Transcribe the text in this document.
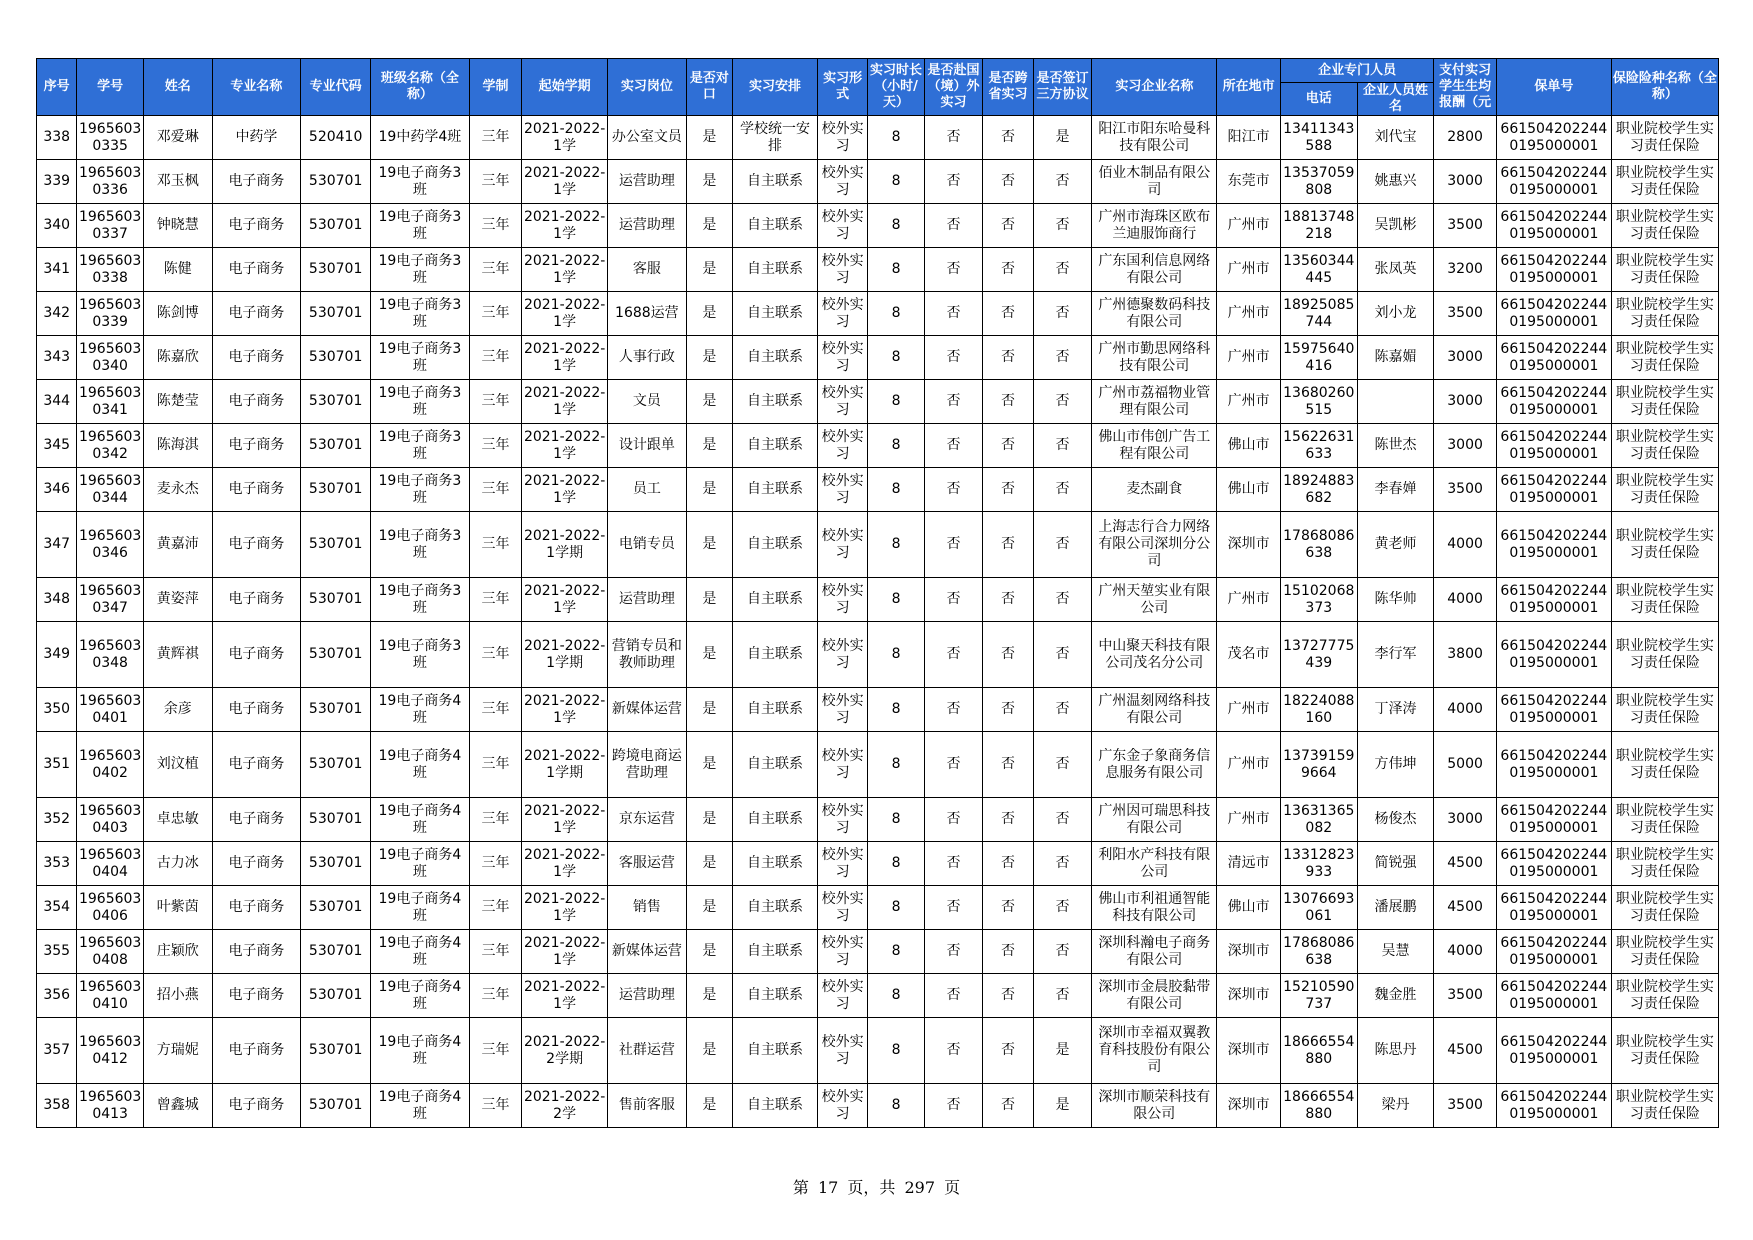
序号	学号	姓名	专业名称	专业代码	班级名称（全称）	学制	起始学期	实习岗位	是否对口	实习安排	实习形式	实习时长（小时/天）	是否赴国（境）外实习	是否跨省实习	是否签订三方协议	实习企业名称	所在地市	企业专门人员		支付实习学生生均报酬（元	保单号	保险险种名称（全称）
																		电话	企业人员姓名			

338	19656030335	邓爱琳	中药学	520410	19中药学4班	三年	2021-2022-1学	办公室文员	是	学校统一安排	校外实习	8	否	否	是	阳江市阳东哈曼科技有限公司	阳江市	13411343588	刘代宝	2800	6615042022440195000001	职业院校学生实习责任保险

339	19656030336	邓玉枫	电子商务	530701	19电子商务3班	三年	2021-2022-1学	运营助理	是	自主联系	校外实习	8	否	否	否	佰业木制品有限公司	东莞市	13537059808	姚惠兴	3000	6615042022440195000001	职业院校学生实习责任保险

340	19656030337	钟晓慧	电子商务	530701	19电子商务3班	三年	2021-2022-1学	运营助理	是	自主联系	校外实习	8	否	否	否	广州市海珠区欧布兰迪服饰商行	广州市	18813748218	吴凯彬	3500	6615042022440195000001	职业院校学生实习责任保险

341	19656030338	陈健	电子商务	530701	19电子商务3班	三年	2021-2022-1学	客服	是	自主联系	校外实习	8	否	否	否	广东国利信息网络有限公司	广州市	13560344445	张凤英	3200	6615042022440195000001	职业院校学生实习责任保险

342	19656030339	陈剑博	电子商务	530701	19电子商务3班	三年	2021-2022-1学	1688运营	是	自主联系	校外实习	8	否	否	否	广州德聚数码科技有限公司	广州市	18925085744	刘小龙	3500	6615042022440195000001	职业院校学生实习责任保险

343	19656030340	陈嘉欣	电子商务	530701	19电子商务3班	三年	2021-2022-1学	人事行政	是	自主联系	校外实习	8	否	否	否	广州市勤思网络科技有限公司	广州市	15975640416	陈嘉媚	3000	6615042022440195000001	职业院校学生实习责任保险

344	19656030341	陈楚莹	电子商务	530701	19电子商务3班	三年	2021-2022-1学	文员	是	自主联系	校外实习	8	否	否	否	广州市荔福物业管理有限公司	广州市	13680260515		3000	6615042022440195000001	职业院校学生实习责任保险

345	19656030342	陈海淇	电子商务	530701	19电子商务3班	三年	2021-2022-1学	设计跟单	是	自主联系	校外实习	8	否	否	否	佛山市伟创广告工程有限公司	佛山市	15622631633	陈世杰	3000	6615042022440195000001	职业院校学生实习责任保险

346	19656030344	麦永杰	电子商务	530701	19电子商务3班	三年	2021-2022-1学	员工	是	自主联系	校外实习	8	否	否	否	麦杰副食	佛山市	18924883682	李春婵	3500	6615042022440195000001	职业院校学生实习责任保险

347	19656030346	黄嘉沛	电子商务	530701	19电子商务3班	三年	2021-2022-1学期	电销专员	是	自主联系	校外实习	8	否	否	否	上海志行合力网络有限公司深圳分公司	深圳市	17868086638	黄老师	4000	6615042022440195000001	职业院校学生实习责任保险

348	19656030347	黄姿萍	电子商务	530701	19电子商务3班	三年	2021-2022-1学	运营助理	是	自主联系	校外实习	8	否	否	否	广州天堃实业有限公司	广州市	15102068373	陈华帅	4000	6615042022440195000001	职业院校学生实习责任保险

349	19656030348	黄辉祺	电子商务	530701	19电子商务3班	三年	2021-2022-1学期	营销专员和教师助理	是	自主联系	校外实习	8	否	否	否	中山聚天科技有限公司茂名分公司	茂名市	13727775439	李行军	3800	6615042022440195000001	职业院校学生实习责任保险

350	19656030401	余彦	电子商务	530701	19电子商务4班	三年	2021-2022-1学	新媒体运营	是	自主联系	校外实习	8	否	否	否	广州温刻网络科技有限公司	广州市	18224088160	丁泽涛	4000	6615042022440195000001	职业院校学生实习责任保险

351	19656030402	刘汶植	电子商务	530701	19电子商务4班	三年	2021-2022-1学期	跨境电商运营助理	是	自主联系	校外实习	8	否	否	否	广东金子象商务信息服务有限公司	广州市	137391599664	方伟坤	5000	6615042022440195000001	职业院校学生实习责任保险

352	19656030403	卓忠敏	电子商务	530701	19电子商务4班	三年	2021-2022-1学	京东运营	是	自主联系	校外实习	8	否	否	否	广州因可瑞思科技有限公司	广州市	13631365082	杨俊杰	3000	6615042022440195000001	职业院校学生实习责任保险

353	19656030404	古力冰	电子商务	530701	19电子商务4班	三年	2021-2022-1学	客服运营	是	自主联系	校外实习	8	否	否	否	利阳水产科技有限公司	清远市	13312823933	简锐强	4500	6615042022440195000001	职业院校学生实习责任保险

354	19656030406	叶紫茵	电子商务	530701	19电子商务4班	三年	2021-2022-1学	销售	是	自主联系	校外实习	8	否	否	否	佛山市利祖通智能科技有限公司	佛山市	13076693061	潘展鹏	4500	6615042022440195000001	职业院校学生实习责任保险

355	19656030408	庄颖欣	电子商务	530701	19电子商务4班	三年	2021-2022-1学	新媒体运营	是	自主联系	校外实习	8	否	否	否	深圳科瀚电子商务有限公司	深圳市	17868086638	吴慧	4000	6615042022440195000001	职业院校学生实习责任保险

356	19656030410	招小燕	电子商务	530701	19电子商务4班	三年	2021-2022-1学	运营助理	是	自主联系	校外实习	8	否	否	否	深圳市金晨胶黏带有限公司	深圳市	15210590737	魏金胜	3500	6615042022440195000001	职业院校学生实习责任保险

357	19656030412	方瑞妮	电子商务	530701	19电子商务4班	三年	2021-2022-2学期	社群运营	是	自主联系	校外实习	8	否	否	是	深圳市幸福双翼教育科技股份有限公司	深圳市	18666554880	陈思丹	4500	6615042022440195000001	职业院校学生实习责任保险

358	19656030413	曾鑫城	电子商务	530701	19电子商务4班	三年	2021-2022-2学	售前客服	是	自主联系	校外实习	8	否	否	是	深圳市顺荣科技有限公司	深圳市	18666554880	梁丹	3500	6615042022440195000001	职业院校学生实习责任保险
第 17 页，共 297 页
